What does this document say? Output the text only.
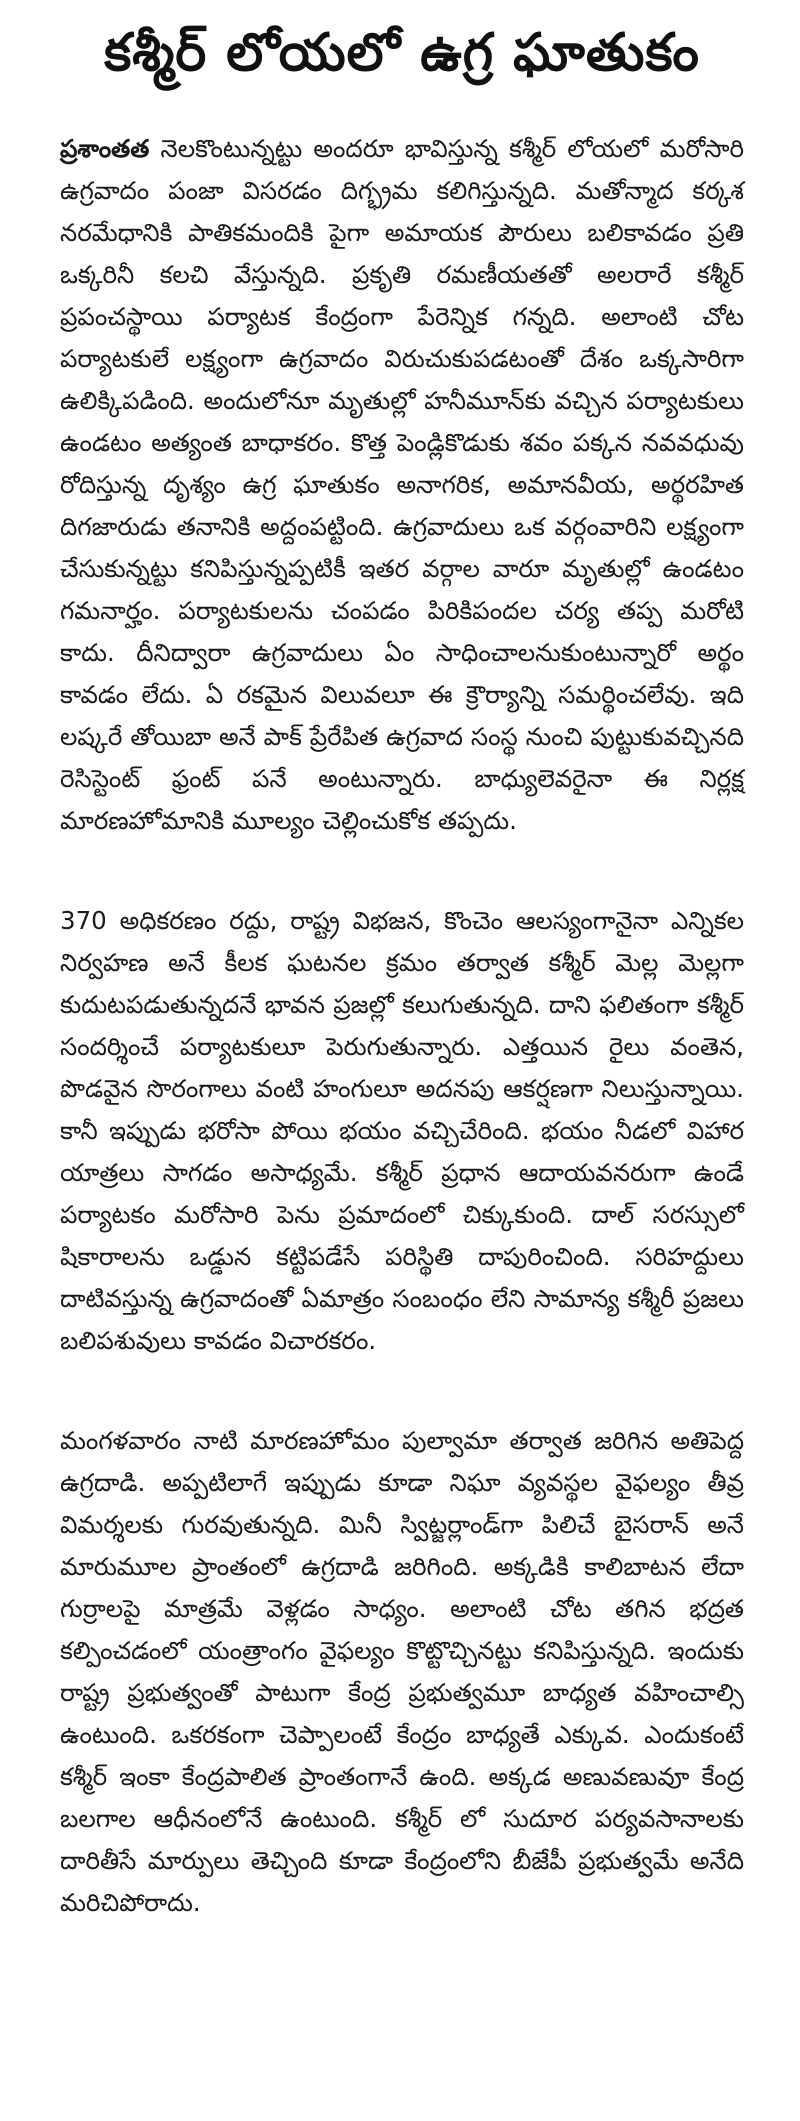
కశ్మీర్ లోయలో ఉగ్ర ఘాతుకం

ప్రశాంతత నెలకొంటున్నట్టు అందరూ భావిస్తున్న కశ్మీర్ లోయలో మరోసారి ఉగ్రవాదం పంజా విసరడం దిగ్భ్రమ కలిగిస్తున్నది. మతోన్మాద కర్కశ నరమేధానికి పాతికమందికి పైగా అమాయక పౌరులు బలికావడం ప్రతి ఒక్కరినీ కలచి వేస్తున్నది. ప్రకృతి రమణీయతతో అలరారే కశ్మీర్ ప్రపంచస్థాయి పర్యాటక కేంద్రంగా పేరెన్నిక గన్నది. అలాంటి చోట పర్యాటకులే లక్ష్యంగా ఉగ్రవాదం విరుచుకుపడటంతో దేశం ఒక్కసారిగా ఉలిక్కిపడింది. అందులోనూ మృతుల్లో హనీమూన్‌కు వచ్చిన పర్యాటకులు ఉండటం అత్యంత బాధాకరం. కొత్త పెండ్లికొడుకు శవం పక్కన నవవధువు రోదిస్తున్న దృశ్యం ఉగ్ర ఘాతుకం అనాగరిక, అమానవీయ, అర్థరహిత దిగజారుడు తనానికి అద్దంపట్టింది. ఉగ్రవాదులు ఒక వర్గంవారిని లక్ష్యంగా చేసుకున్నట్టు కనిపిస్తున్నప్పటికీ ఇతర వర్గాల వారూ మృతుల్లో ఉండటం గమనార్హం. పర్యాటకులను చంపడం పిరికిపందల చర్య తప్ప మరోటి కాదు. దీనిద్వారా ఉగ్రవాదులు ఏం సాధించాలనుకుంటున్నారో అర్థం కావడం లేదు. ఏ రకమైన విలువలూ ఈ క్రౌర్యాన్ని సమర్థించలేవు. ఇది లష్కరే తోయిబా అనే పాక్ ప్రేరేపిత ఉగ్రవాద సంస్థ నుంచి పుట్టుకువచ్చినది రెసిస్టెంట్ ఫ్రంట్ పనే అంటున్నారు. బాధ్యులెవరైనా ఈ నిర్లక్ష మారణహోమానికి మూల్యం చెల్లించుకోక తప్పదు.

370 అధికరణం రద్దు, రాష్ట్ర విభజన, కొంచెం ఆలస్యంగానైనా ఎన్నికల నిర్వహణ అనే కీలక ఘటనల క్రమం తర్వాత కశ్మీర్ మెల్ల మెల్లగా కుదుటపడుతున్నదనే భావన ప్రజల్లో కలుగుతున్నది. దాని ఫలితంగా కశ్మీర్ సందర్శించే పర్యాటకులూ పెరుగుతున్నారు. ఎత్తయిన రైలు వంతెన, పొడవైన సొరంగాలు వంటి హంగులూ అదనపు ఆకర్షణగా నిలుస్తున్నాయి. కానీ ఇప్పుడు భరోసా పోయి భయం వచ్చిచేరింది. భయం నీడలో విహార యాత్రలు సాగడం అసాధ్యమే. కశ్మీర్ ప్రధాన ఆదాయవనరుగా ఉండే పర్యాటకం మరోసారి పెను ప్రమాదంలో చిక్కుకుంది. దాల్ సరస్సులో షికారాలను ఒడ్డున కట్టిపడేసే పరిస్థితి దాపురించింది. సరిహద్దులు దాటివస్తున్న ఉగ్రవాదంతో ఏమాత్రం సంబంధం లేని సామాన్య కశ్మీరీ ప్రజలు బలిపశువులు కావడం విచారకరం.

మంగళవారం నాటి మారణహోమం పుల్వామా తర్వాత జరిగిన అతిపెద్ద ఉగ్రదాడి. అప్పటిలాగే ఇప్పుడు కూడా నిఘా వ్యవస్థల వైఫల్యం తీవ్ర విమర్శలకు గురవుతున్నది. మినీ స్విట్జర్లాండ్‌గా పిలిచే బైసరాన్ అనే మారుమూల ప్రాంతంలో ఉగ్రదాడి జరిగింది. అక్కడికి కాలిబాటన లేదా గుర్రాలపై మాత్రమే వెళ్లడం సాధ్యం. అలాంటి చోట తగిన భద్రత కల్పించడంలో యంత్రాంగం వైఫల్యం కొట్టొచ్చినట్టు కనిపిస్తున్నది. ఇందుకు రాష్ట్ర ప్రభుత్వంతో పాటుగా కేంద్ర ప్రభుత్వమూ బాధ్యత వహించాల్సి ఉంటుంది. ఒకరకంగా చెప్పాలంటే కేంద్రం బాధ్యతే ఎక్కువ. ఎందుకంటే కశ్మీర్ ఇంకా కేంద్రపాలిత ప్రాంతంగానే ఉంది. అక్కడ అణువణువూ కేంద్ర బలగాల ఆధీనంలోనే ఉంటుంది. కశ్మీర్ లో సుదూర పర్యవసానాలకు దారితీసే మార్పులు తెచ్చింది కూడా కేంద్రంలోని బీజేపీ ప్రభుత్వమే అనేది మరిచిపోరాదు.
